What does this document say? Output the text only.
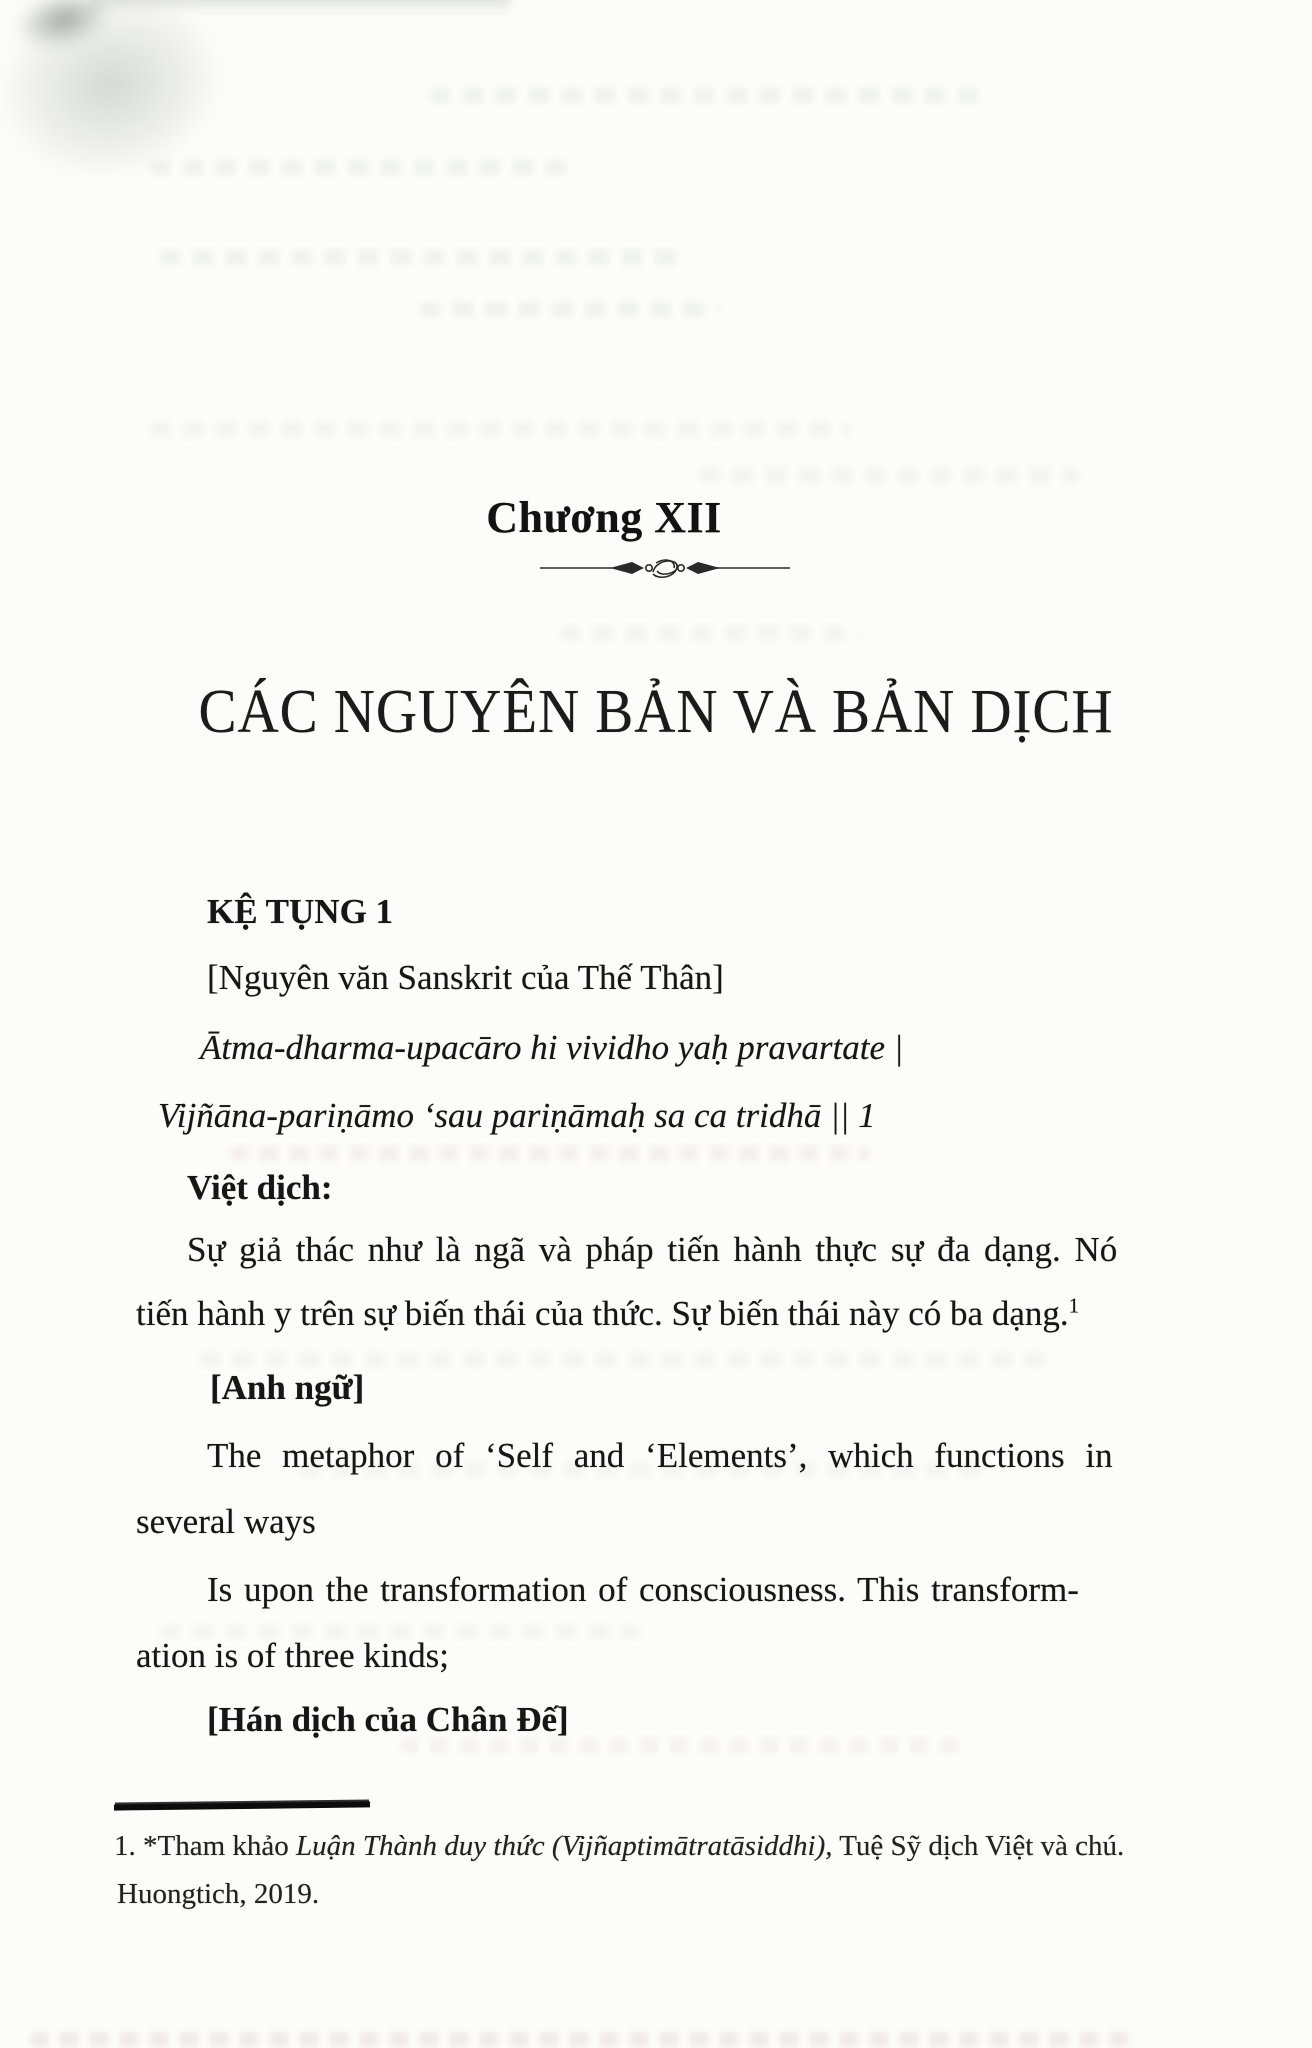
Chương XII
CÁC NGUYÊN BẢN VÀ BẢN DỊCH
KỆ TỤNG 1
[Nguyên văn Sanskrit của Thế Thân]
Ātma-dharma-upacāro hi vividho yaḥ pravartate |
Vijñāna-pariṇāmo ‘sau pariṇāmaḥ sa ca tridhā || 1
Việt dịch:
Sự giả thác như là ngã và pháp tiến hành thực sự đa dạng. Nó
tiến hành y trên sự biến thái của thức. Sự biến thái này có ba dạng.$^1$
[Anh ngữ]
The metaphor of ‘Self and ‘Elements’, which functions in
several ways
Is upon the transformation of consciousness. This transform-
ation is of three kinds;
[Hán dịch của Chân Đế]
1. *Tham khảo Luận Thành duy thức (Vijñaptimātratāsiddhi), Tuệ Sỹ dịch Việt và chú.
Huongtich, 2019.
